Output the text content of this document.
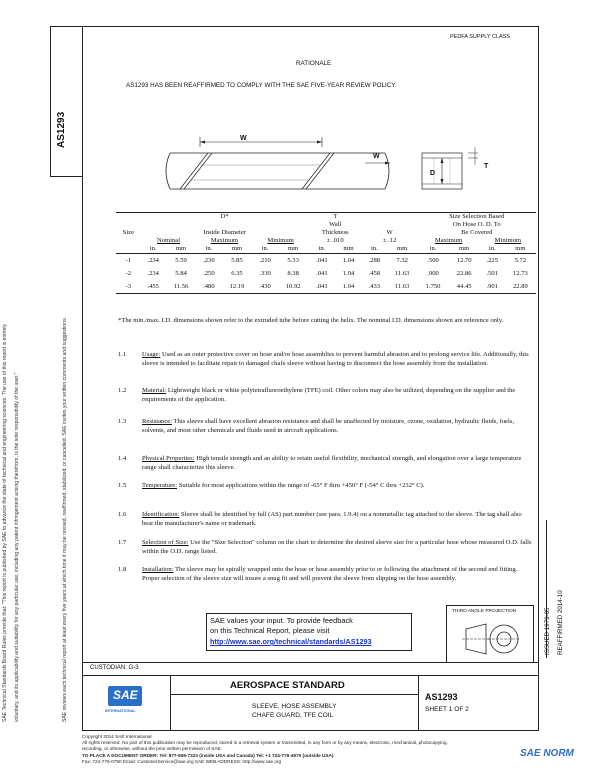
PEDFA SUPPLY CLASS
AS1293
SAE Technical Standards Board Rules provide that: "This report is published by SAE to advance the state of technical and engineering sciences. The use of this report is entirely voluntary, and its applicability and suitability for any particular use, including any patent infringement arising therefrom, is the sole responsibility of the user."	SAE reviews each technical report at least every five years at which time it may be revised, reaffirmed, stabilized, or cancelled. SAE invites your written comments and suggestions.
RATIONALE
AS1293 HAS BEEN REAFFIRMED TO COMPLY WITH THE SAE FIVE-YEAR REVIEW POLICY.
W
W
T
D
	D*						T				Size Selection Based			
							Wall				On Hose O. D. To			
Size	Inside Diameter						Thickness		W		Be Covered			
	Nominal		Maximum		Minimum		± .010		± .12		Maximum		Minimum	
	in.	mm	in.	mm	in.	mm	in.	mm	in.	mm	in.	mm	in.	mm
-1	.234	5.59	.230	5.85	.210	5.33	.041	1.04	.288	7.32	.500	12.70	.225	5.72
-2	.234	5.84	.250	6.35	.330	8.38	.041	1.04	.458	11.63	.900	22.86	.501	12.73
-3	.455	11.56	.480	12.19	.430	10.92	.041	1.04	.433	11.63	1.750	44.45	.901	22.89
*The min./max. I.D. dimensions shown refer to the extruded tube before cutting the helix. The nominal I.D. dimensions shown are reference only.
1.1	Usage: Used as an outer protective cover on hose and/or hose assemblies to prevent harmful abrasion and to prolong service life. Additionally, this sleeve is intended to facilitate repair to damaged chafe sleeve without having to disconnect the hose assembly from the installation.
1.2	Material: Lightweight black or white polytetrafluoroethylene (TFE) coil. Other colors may also be utilized, depending on the supplier and the requirements of the application.
1.3	Resistance: This sleeve shall have excellent abrasion resistance and shall be unaffected by moisture, ozone, oxidation, hydraulic fluids, fuels, solvents, and most other chemicals and fluids used in aircraft applications.
1.4	Physical Properties: High tensile strength and an ability to retain useful flexibility, mechanical strength, and elongation over a large temperature range shall characterize this sleeve.
1.5	Temperature: Suitable for most applications within the range of -65° F thru +450° F (-54° C thru +232° C).
1.6	Identification: Sleeve shall be identified by full (AS) part number (see para. 1.9.4) on a nonmetallic tag attached to the sleeve. The tag shall also bear the manufacturer's name or trademark.
1.7	Selection of Size: Use the "Size Selection" column on the chart to determine the desired sleeve size for a particular hose whose measured O.D. falls within the O.D. range listed.
1.8	Installation: The sleeve may be spirally wrapped onto the hose or hose assembly prior to or following the attachment of the second end fitting. Proper selection of the sleeve size will insure a snug fit and will prevent the sleeve from slipping on the hose assembly.
ISSUED 1979-05 REAFFIRMED 2014-10
THIRD ANGLE PROJECTION
SAE values your input. To provide feedback
on this Technical Report, please visit
http://www.sae.org/technical/standards/AS1293
CUSTODIAN: G-3
SAE
INTERNATIONAL
AEROSPACE STANDARD
SLEEVE, HOSE ASSEMBLY
CHAFE GUARD, TFE COIL
AS1293
SHEET 1 OF 2
Copyright 2014 SAE International
All rights reserved. No part of this publication may be reproduced, stored in a retrieval system or transmitted, in any form or by any means, electronic, mechanical, photocopying,
recording, or otherwise, without the prior written permission of SAE.
TO PLACE A DOCUMENT ORDER: Tel: 877-606-7323 (inside USA and Canada) Tel: +1 724-776-4970 (outside USA)
Fax: 724-776-0790 Email: CustomerService@sae.org SAE WEB ADDRESS: http://www.sae.org
SAE NORM
